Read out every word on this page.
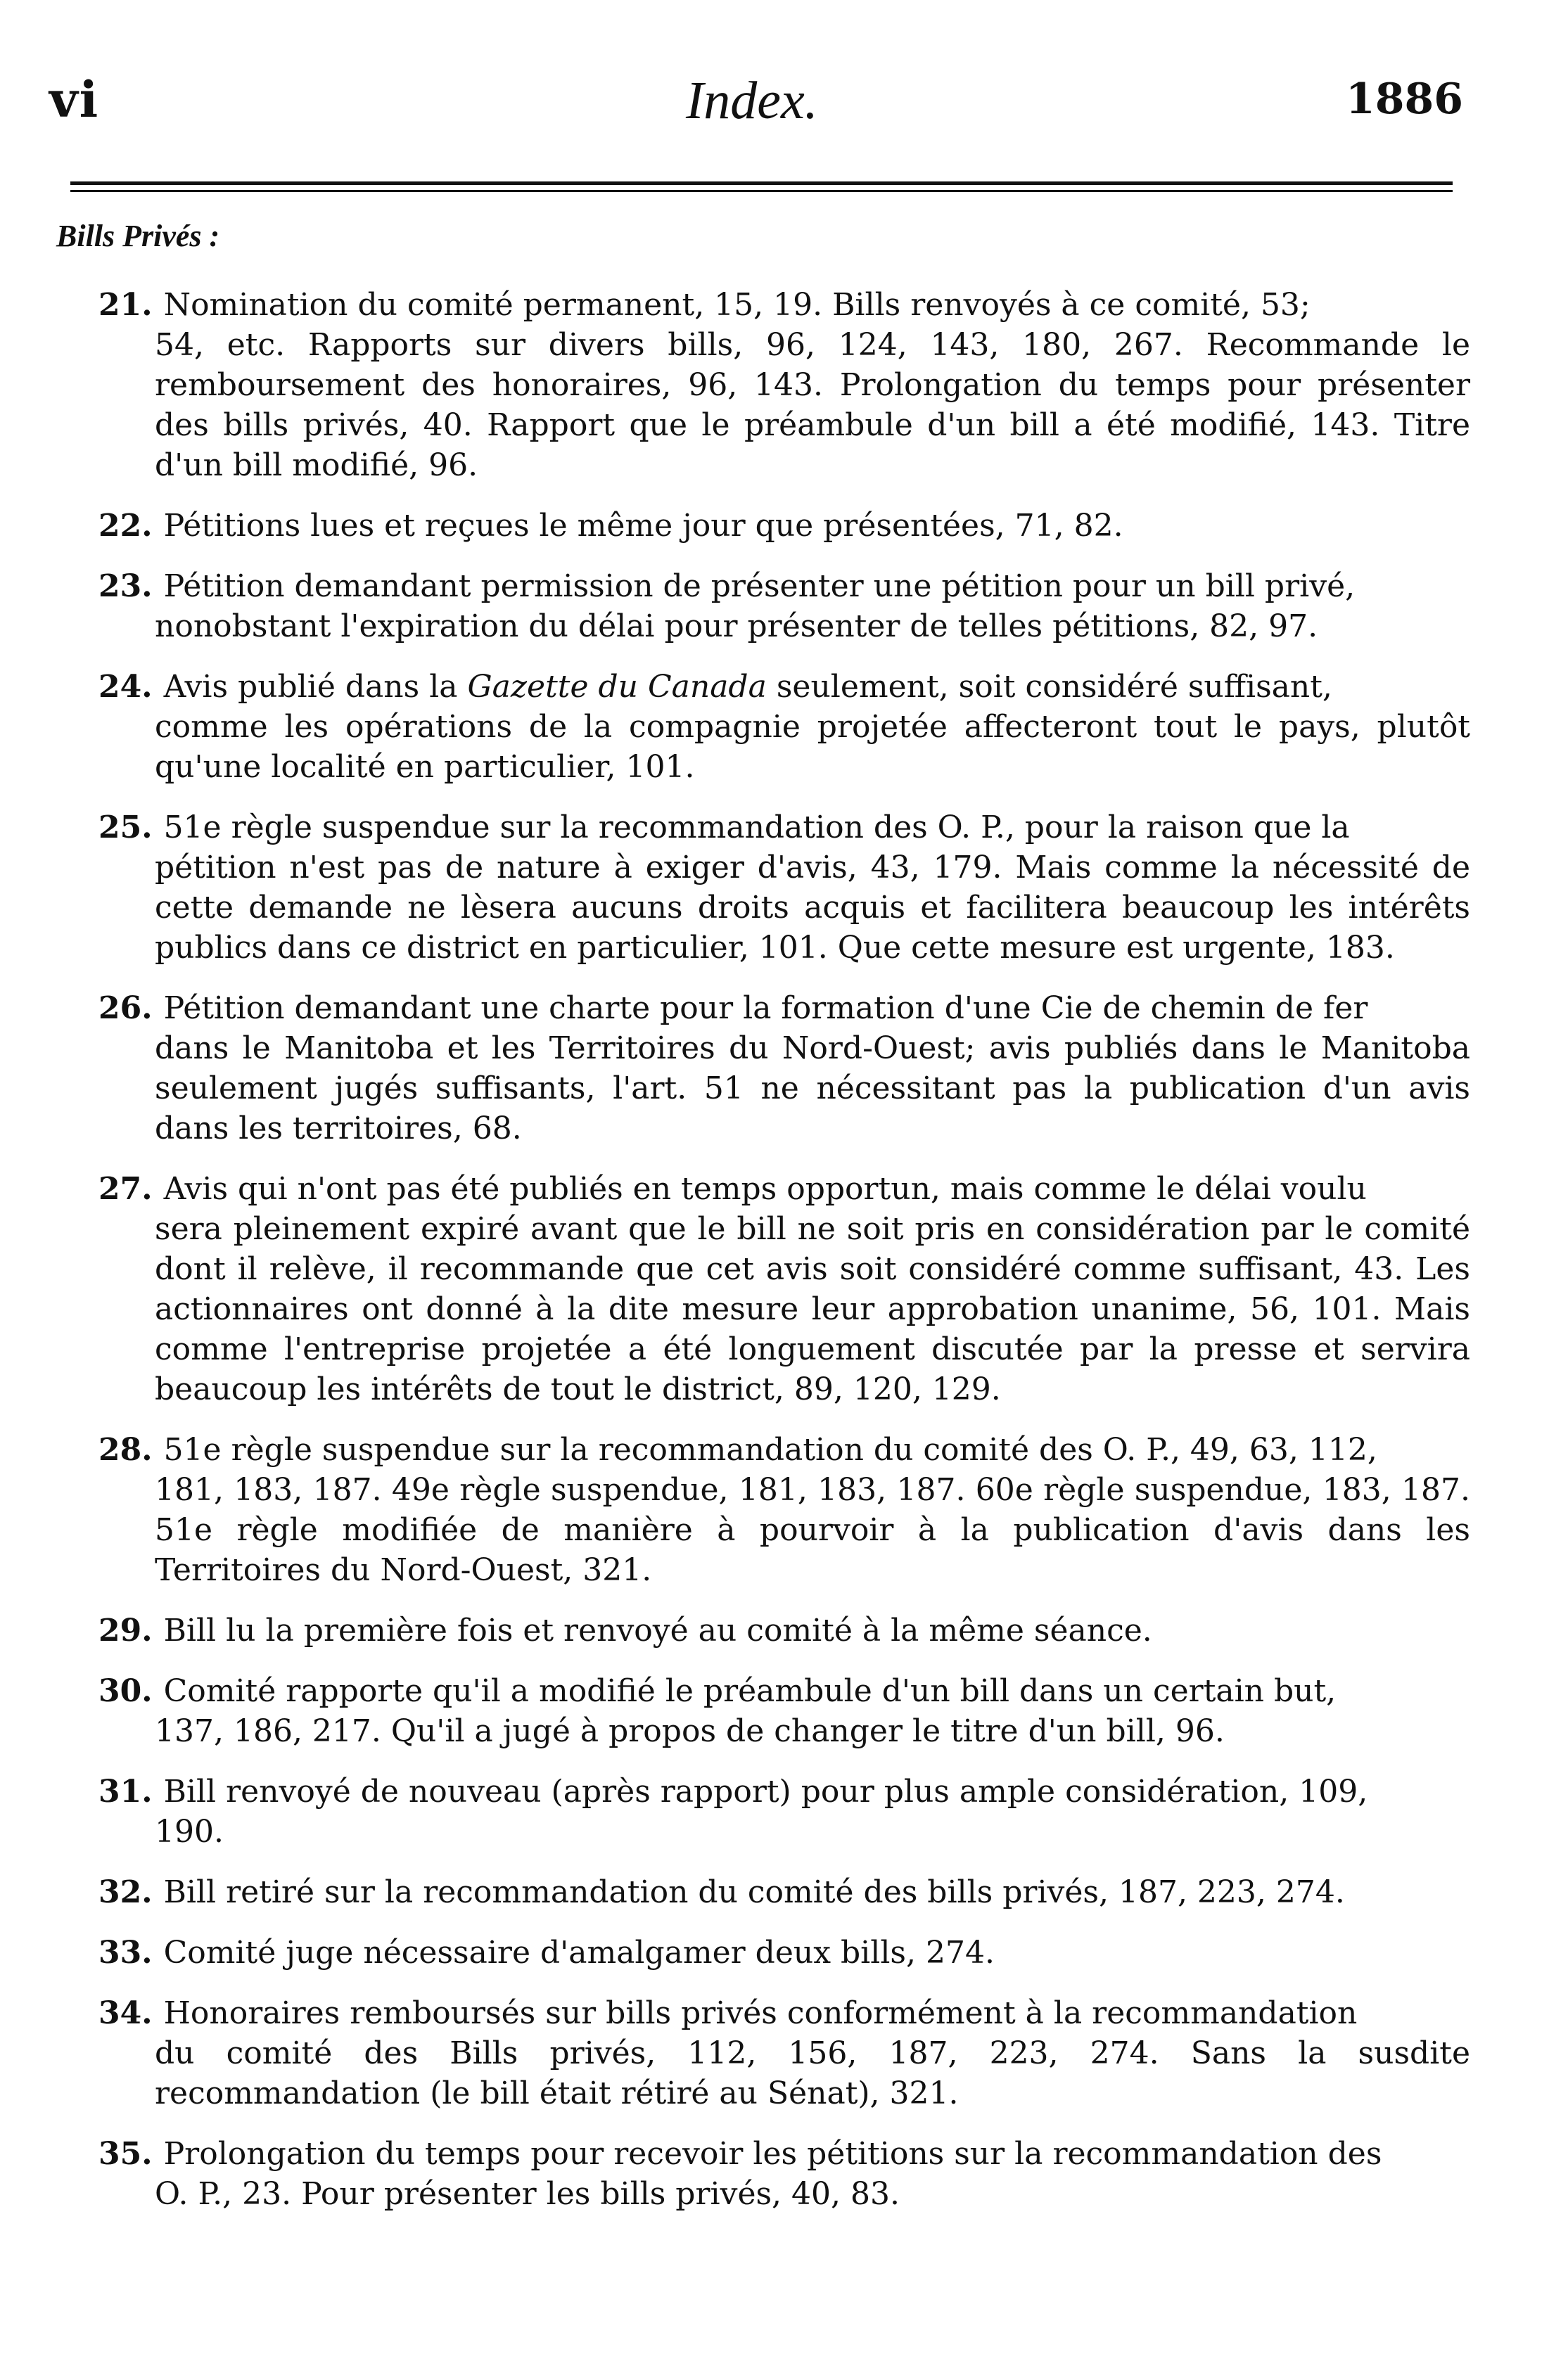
vi	Index.	1886
Bills Privés :
21. Nomination du comité permanent, 15, 19. Bills renvoyés à ce comité, 53;
54, etc. Rapports sur divers bills, 96, 124, 143, 180, 267. Recommande le remboursement des honoraires, 96, 143. Prolongation du temps pour présenter des bills privés, 40. Rapport que le préambule d'un bill a été modifié, 143. Titre d'un bill modifié, 96.
22. Pétitions lues et reçues le même jour que présentées, 71, 82.
23. Pétition demandant permission de présenter une pétition pour un bill privé,
nonobstant l'expiration du délai pour présenter de telles pétitions, 82, 97.
24. Avis publié dans la Gazette du Canada seulement, soit considéré suffisant,
comme les opérations de la compagnie projetée affecteront tout le pays, plutôt qu'une localité en particulier, 101.
25. 51e règle suspendue sur la recommandation des O. P., pour la raison que la
pétition n'est pas de nature à exiger d'avis, 43, 179. Mais comme la nécessité de cette demande ne lèsera aucuns droits acquis et facilitera beaucoup les intérêts publics dans ce district en particulier, 101. Que cette mesure est urgente, 183.
26. Pétition demandant une charte pour la formation d'une Cie de chemin de fer
dans le Manitoba et les Territoires du Nord-Ouest; avis publiés dans le Manitoba seulement jugés suffisants, l'art. 51 ne nécessitant pas la publication d'un avis dans les territoires, 68.
27. Avis qui n'ont pas été publiés en temps opportun, mais comme le délai voulu
sera pleinement expiré avant que le bill ne soit pris en considération par le comité dont il relève, il recommande que cet avis soit considéré comme suffisant, 43. Les actionnaires ont donné à la dite mesure leur approbation unanime, 56, 101. Mais comme l'entreprise projetée a été longuement discutée par la presse et servira beaucoup les intérêts de tout le district, 89, 120, 129.
28. 51e règle suspendue sur la recommandation du comité des O. P., 49, 63, 112,
181, 183, 187. 49e règle suspendue, 181, 183, 187. 60e règle suspendue, 183, 187. 51e règle modifiée de manière à pourvoir à la publication d'avis dans les Territoires du Nord-Ouest, 321.
29. Bill lu la première fois et renvoyé au comité à la même séance.
30. Comité rapporte qu'il a modifié le préambule d'un bill dans un certain but,
137, 186, 217. Qu'il a jugé à propos de changer le titre d'un bill, 96.
31. Bill renvoyé de nouveau (après rapport) pour plus ample considération, 109,
190.
32. Bill retiré sur la recommandation du comité des bills privés, 187, 223, 274.
33. Comité juge nécessaire d'amalgamer deux bills, 274.
34. Honoraires remboursés sur bills privés conformément à la recommandation
du comité des Bills privés, 112, 156, 187, 223, 274. Sans la susdite recommandation (le bill était rétiré au Sénat), 321.
35. Prolongation du temps pour recevoir les pétitions sur la recommandation des
O. P., 23. Pour présenter les bills privés, 40, 83.
